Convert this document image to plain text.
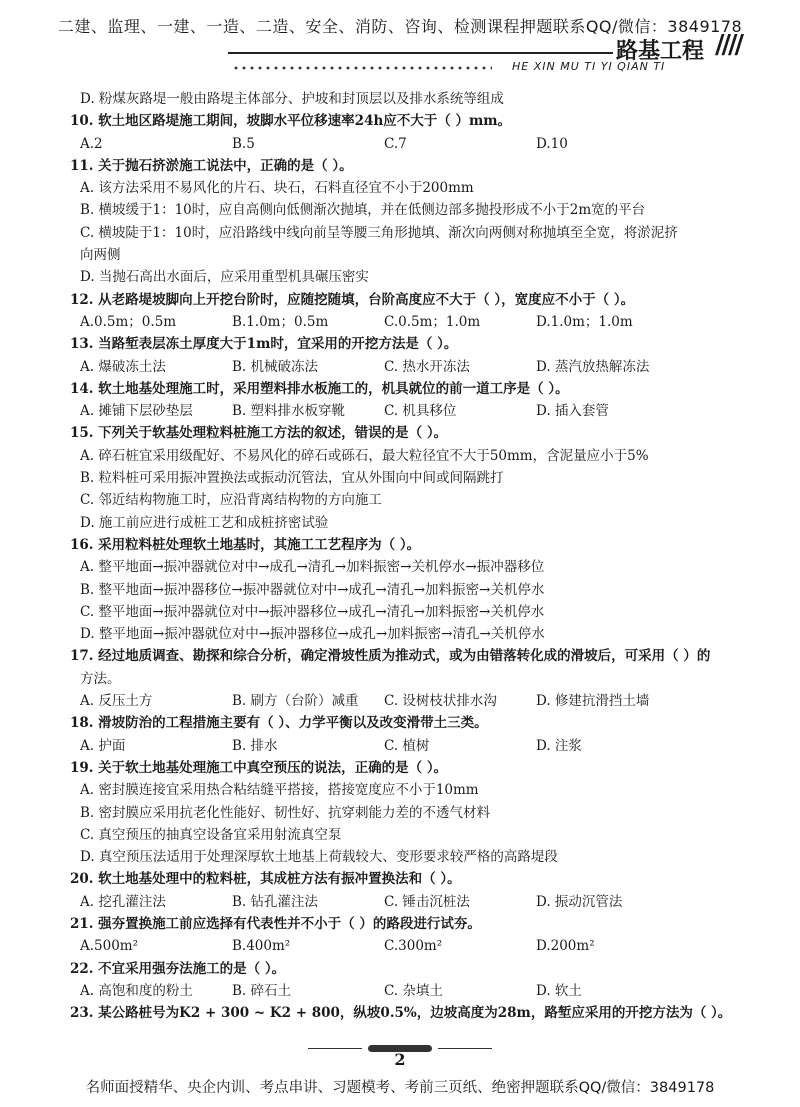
二建、监理、一建、一造、二造、安全、消防、咨询、检测课程押题联系QQ/微信：3849178
路基工程 ////
HE XIN MU TI YI QIAN TI
D. 粉煤灰路堤一般由路堤主体部分、护坡和封顶层以及排水系统等组成
10. 软土地区路堤施工期间，坡脚水平位移速率24h应不大于（ ）mm。
A.2	B.5	C.7	D.10
11. 关于抛石挤淤施工说法中，正确的是（ ）。
A. 该方法采用不易风化的片石、块石，石料直径宜不小于200mm
B. 横坡缓于1：10时，应自高侧向低侧渐次抛填，并在低侧边部多抛投形成不小于2m宽的平台
C. 横坡陡于1：10时，应沿路线中线向前呈等腰三角形抛填、渐次向两侧对称抛填至全宽，将淤泥挤
向两侧
D. 当抛石高出水面后，应采用重型机具碾压密实
12. 从老路堤坡脚向上开挖台阶时，应随挖随填，台阶高度应不大于（ ），宽度应不小于（ ）。
A.0.5m；0.5m	B.1.0m；0.5m	C.0.5m；1.0m	D.1.0m；1.0m
13. 当路堑表层冻土厚度大于1m时，宜采用的开挖方法是（ ）。
A. 爆破冻土法	B. 机械破冻法	C. 热水开冻法	D. 蒸汽放热解冻法
14. 软土地基处理施工时，采用塑料排水板施工的，机具就位的前一道工序是（ ）。
A. 摊铺下层砂垫层	B. 塑料排水板穿靴	C. 机具移位	D. 插入套管
15. 下列关于软基处理粒料桩施工方法的叙述，错误的是（ ）。
A. 碎石桩宜采用级配好、不易风化的碎石或砾石，最大粒径宜不大于50mm，含泥量应小于5%
B. 粒料桩可采用振冲置换法或振动沉管法，宜从外围向中间或间隔跳打
C. 邻近结构物施工时，应沿背离结构物的方向施工
D. 施工前应进行成桩工艺和成桩挤密试验
16. 采用粒料桩处理软土地基时，其施工工艺程序为（ ）。
A. 整平地面→振冲器就位对中→成孔→清孔→加料振密→关机停水→振冲器移位
B. 整平地面→振冲器移位→振冲器就位对中→成孔→清孔→加料振密→关机停水
C. 整平地面→振冲器就位对中→振冲器移位→成孔→清孔→加料振密→关机停水
D. 整平地面→振冲器就位对中→振冲器移位→成孔→加料振密→清孔→关机停水
17. 经过地质调查、勘探和综合分析，确定滑坡性质为推动式，或为由错落转化成的滑坡后，可采用（ ）的
方法。
A. 反压土方	B. 刷方（台阶）减重	C. 设树枝状排水沟	D. 修建抗滑挡土墙
18. 滑坡防治的工程措施主要有（ ）、力学平衡以及改变滑带土三类。
A. 护面	B. 排水	C. 植树	D. 注浆
19. 关于软土地基处理施工中真空预压的说法，正确的是（ ）。
A. 密封膜连接宜采用热合粘结缝平搭接，搭接宽度应不小于10mm
B. 密封膜应采用抗老化性能好、韧性好、抗穿刺能力差的不透气材料
C. 真空预压的抽真空设备宜采用射流真空泵
D. 真空预压法适用于处理深厚软土地基上荷载较大、变形要求较严格的高路堤段
20. 软土地基处理中的粒料桩，其成桩方法有振冲置换法和（ ）。
A. 挖孔灌注法	B. 钻孔灌注法	C. 锤击沉桩法	D. 振动沉管法
21. 强夯置换施工前应选择有代表性并不小于（ ）的路段进行试夯。
A.500m²	B.400m²	C.300m²	D.200m²
22. 不宜采用强夯法施工的是（ ）。
A. 高饱和度的粉土	B. 碎石土	C. 杂填土	D. 软土
23. 某公路桩号为K2 + 300 ~ K2 + 800，纵坡0.5%，边坡高度为28m，路堑应采用的开挖方法为（ ）。
2
名师面授精华、央企内训、考点串讲、习题模考、考前三页纸、绝密押题联系QQ/微信：3849178
